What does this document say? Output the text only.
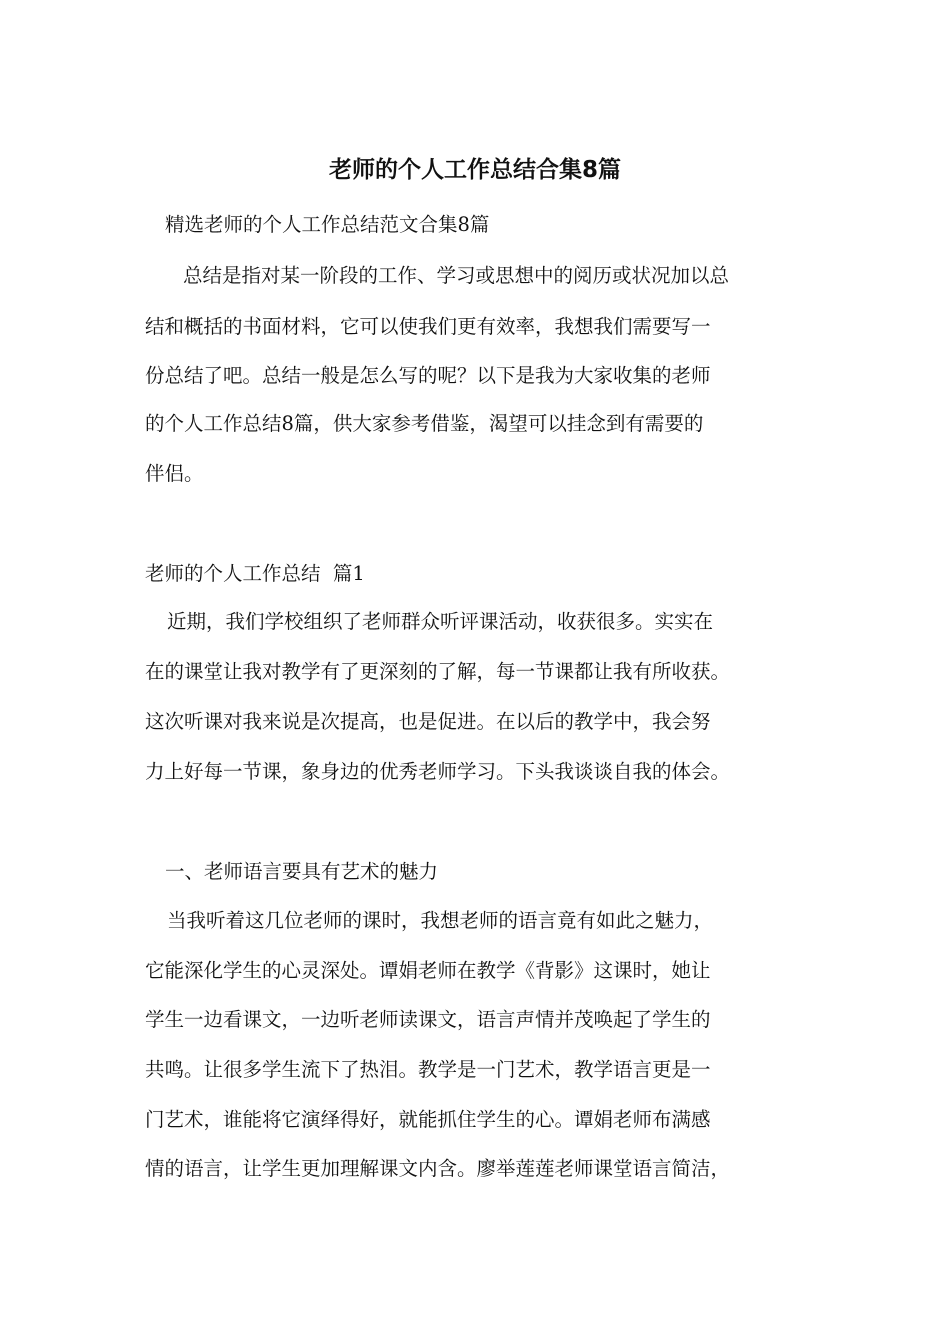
老师的个人工作总结合集8篇

精选老师的个人工作总结范文合集8篇

总结是指对某一阶段的工作、学习或思想中的阅历或状况加以总

结和概括的书面材料，它可以使我们更有效率，我想我们需要写一

份总结了吧。总结一般是怎么写的呢？以下是我为大家收集的老师

的个人工作总结8篇，供大家参考借鉴，渴望可以挂念到有需要的

伴侣。

老师的个人工作总结  篇1

近期，我们学校组织了老师群众听评课活动，收获很多。实实在

在的课堂让我对教学有了更深刻的了解，每一节课都让我有所收获。

这次听课对我来说是次提高，也是促进。在以后的教学中，我会努

力上好每一节课，象身边的优秀老师学习。下头我谈谈自我的体会。

一、老师语言要具有艺术的魅力

当我听着这几位老师的课时，我想老师的语言竟有如此之魅力，

它能深化学生的心灵深处。谭娟老师在教学《背影》这课时，她让

学生一边看课文，一边听老师读课文，语言声情并茂唤起了学生的

共鸣。让很多学生流下了热泪。教学是一门艺术，教学语言更是一

门艺术，谁能将它演绎得好，就能抓住学生的心。谭娟老师布满感

情的语言，让学生更加理解课文内含。廖举莲莲老师课堂语言简洁，
